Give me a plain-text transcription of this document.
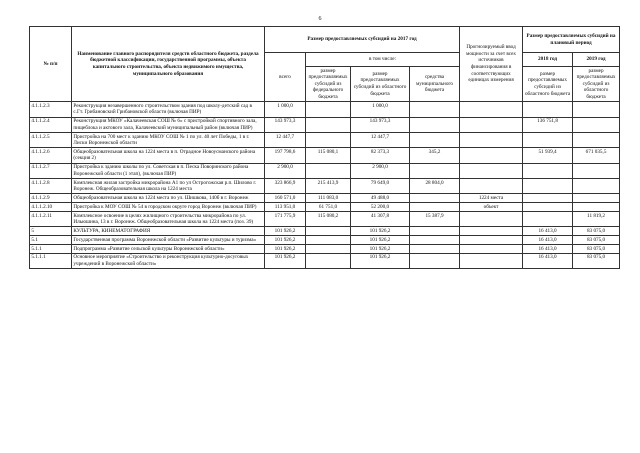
6
№ п/п	Наименование главного распорядителя средств областного бюджета, раздела бюджетной классификации, государственной программы, объекта капитального строительства, объекта недвижимого имущества, муниципального образования	Размер предоставляемых субсидий на 2017 год				Прогнозируемый ввод мощности за счет всех источников финансирования в соответствующих единицах измерения	Размер предоставляемых субсидий на плановый период	
		всего	в том числе:				2018 год	2019 год
			размер предоставляемых субсидий из федерального бюджета	размер предоставляемых субсидий из областного бюджета	средства муниципального бюджета		размер предоставляемых субсидий из областного бюджета	размер предоставляемых субсидий из областного бюджета
4.1.1.2.3	Реконструкция незавершенного строительством здания под школу-детский сад в с.Гт. Грибановский Грибановской области (включая ПИР)	1 000,0		1 000,0				
4.1.1.2.4	Реконструкция МКОУ «Калачеевская СОШ № 6» с пристройкой спортивного зала, пищеблока и актового зала, Калачеевский муниципальный район (включая ПИР)	143 973,3		143 973,3			136 751,8	
4.1.1.2.5	Пристройка на 700 мест к зданию МКОУ СОШ № 1 по ул. 40 лет Победы, 1 в г. Лиски Воронежской области	12 447,7		12 447,7				
4.1.1.2.6	Общеобразовательная школа на 1224 места в п. Отрадное Новоусманского района (секция 2)	197 798,6	115 080,1	82 373,3	345,2		51 939,4	671 035,5
4.1.1.2.7	Пристройка к зданию школы по ул. Советская в п. Песка Поворинского района Воронежской области (1 этап), (включая ПИР)	2 900,0		2 900,0				
4.1.1.2.8	Комплексная жилая застройка микрорайона А1 по ул Острогожская р.п. Шилово г. Воронеж. Общеобразовательная школа на 1224 места	323 866,9	215 413,9	79 649,0	28 804,0			
4.1.1.2.9	Общеобразовательная школа на 1224 места по ул. Шишкова, 140б в г. Воронеж	160 571,0	111 083,0	49 488,0		1224 места		
4.1.1.2.10	Пристройка к МОУ СОШ № 54 в городском округе город Воронеж (включая ПИР)	113 951,0	61 751,0	52 200,0		объект		
4.1.1.2.11	Комплексное освоение в целях жилищного строительства микрорайона по ул. Ильюшина, 13 в г. Воронеж. Общеобразовательная школа на 1224 места (поз. 39)	171 775,9	115 080,2	41 307,8	15 387,9			11 819,2
5	КУЛЬТУРА, КИНЕМАТОГРАФИЯ	101 926,2		101 926,2			16 413,0	83 075,0
5.1	Государственная программа Воронежской области «Развитие культуры и туризма»	101 926,2		101 926,2			16 413,0	83 075,0
5.1.1	Подпрограмма «Развитие сельской культуры Воронежской области»	101 926,2		101 926,2			16 413,0	83 075,0
5.1.1.1	Основное мероприятие «Строительство и реконструкция культурно-досуговых учреждений в Воронежской области»	101 926,2		101 926,2			16 413,0	83 075,0
